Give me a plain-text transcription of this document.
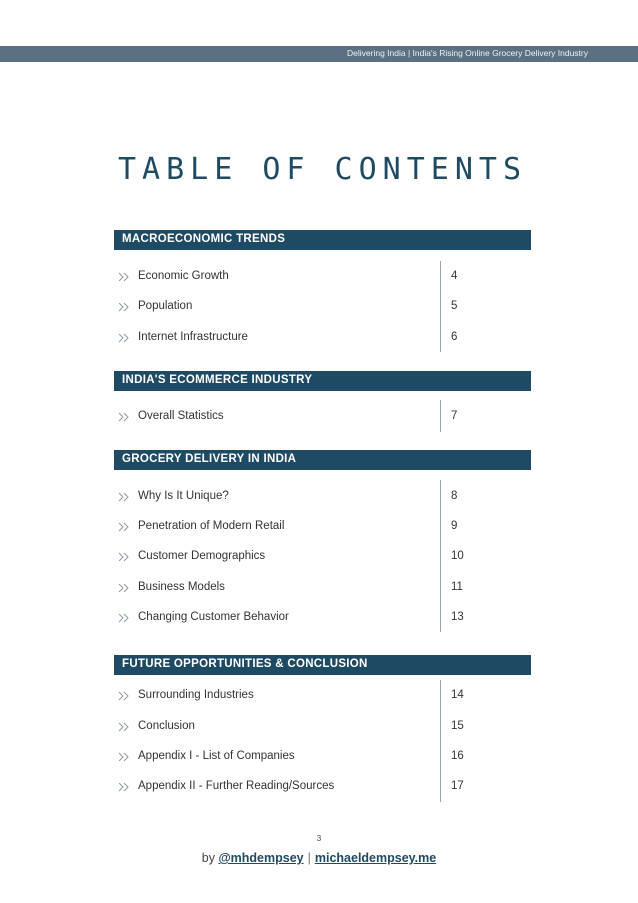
Delivering India | India's Rising Online Grocery Delivery Industry
TABLE OF CONTENTS
MACROECONOMIC TRENDS
Economic Growth	4
Population	5
Internet Infrastructure	6
INDIA'S ECOMMERCE INDUSTRY
Overall Statistics	7
GROCERY DELIVERY IN INDIA
Why Is It Unique?	8
Penetration of Modern Retail	9
Customer Demographics	10
Business Models	11
Changing Customer Behavior	13
FUTURE OPPORTUNITIES & CONCLUSION
Surrounding Industries	14
Conclusion	15
Appendix I - List of Companies	16
Appendix II - Further Reading/Sources	17
3
by @mhdempsey | michaeldempsey.me
